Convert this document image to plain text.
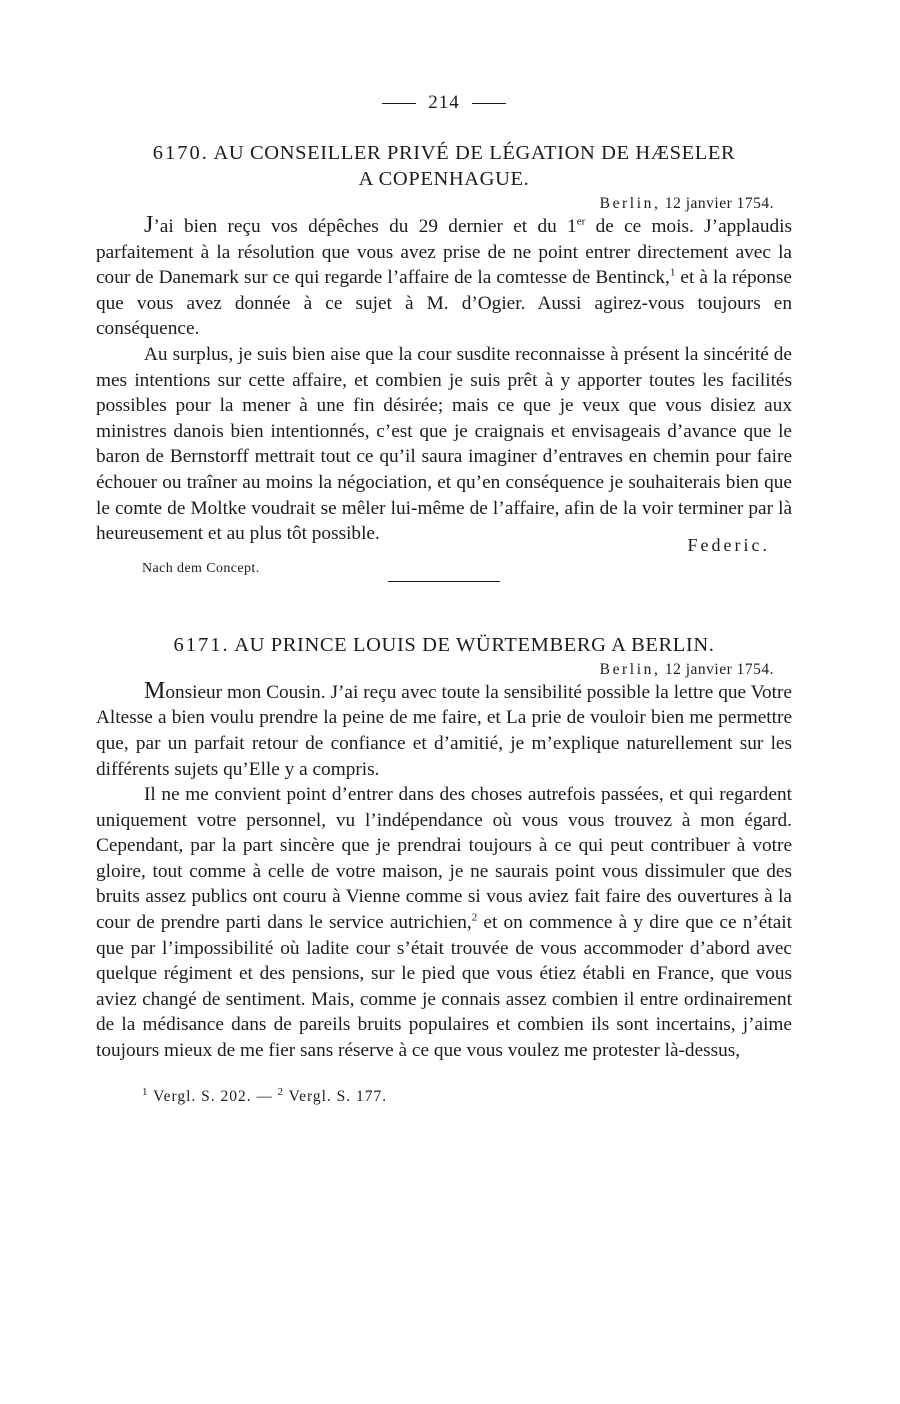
214
6170. AU CONSEILLER PRIVÉ DE LÉGATION DE HÆSELER
A COPENHAGUE.
Berlin, 12 janvier 1754.

J’ai bien reçu vos dépêches du 29 dernier et du 1er de ce mois. J’applaudis parfaitement à la résolution que vous avez prise de ne point entrer directement avec la cour de Danemark sur ce qui regarde l’affaire de la comtesse de Bentinck,$^1$ et à la réponse que vous avez donnée à ce sujet à M. d’Ogier. Aussi agirez-vous toujours en conséquence.

Au surplus, je suis bien aise que la cour susdite reconnaisse à présent la sincérité de mes intentions sur cette affaire, et combien je suis prêt à y apporter toutes les facilités possibles pour la mener à une fin désirée; mais ce que je veux que vous disiez aux ministres danois bien intentionnés, c’est que je craignais et envisageais d’avance que le baron de Bernstorff mettrait tout ce qu’il saura imaginer d’entraves en chemin pour faire échouer ou traîner au moins la négociation, et qu’en conséquence je souhaiterais bien que le comte de Moltke voudrait se mêler lui-même de l’affaire, afin de la voir terminer par là heureusement et au plus tôt possible.

Federic.
Nach dem Concept.
6171. AU PRINCE LOUIS DE WÜRTEMBERG A BERLIN.
Berlin, 12 janvier 1754.

Monsieur mon Cousin. J’ai reçu avec toute la sensibilité possible la lettre que Votre Altesse a bien voulu prendre la peine de me faire, et La prie de vouloir bien me permettre que, par un parfait retour de confiance et d’amitié, je m’explique naturellement sur les différents sujets qu’Elle y a compris.

Il ne me convient point d’entrer dans des choses autrefois passées, et qui regardent uniquement votre personnel, vu l’indépendance où vous vous trouvez à mon égard. Cependant, par la part sincère que je prendrai toujours à ce qui peut contribuer à votre gloire, tout comme à celle de votre maison, je ne saurais point vous dissimuler que des bruits assez publics ont couru à Vienne comme si vous aviez fait faire des ouvertures à la cour de prendre parti dans le service autrichien,$^2$ et on commence à y dire que ce n’était que par l’impossibilité où ladite cour s’était trouvée de vous accommoder d’abord avec quelque régiment et des pensions, sur le pied que vous étiez établi en France, que vous aviez changé de sentiment. Mais, comme je connais assez combien il entre ordinairement de la médisance dans de pareils bruits populaires et combien ils sont incertains, j’aime toujours mieux de me fier sans réserve à ce que vous voulez me protester là-dessus,

$^1$ Vergl. S. 202. — $^2$ Vergl. S. 177.
